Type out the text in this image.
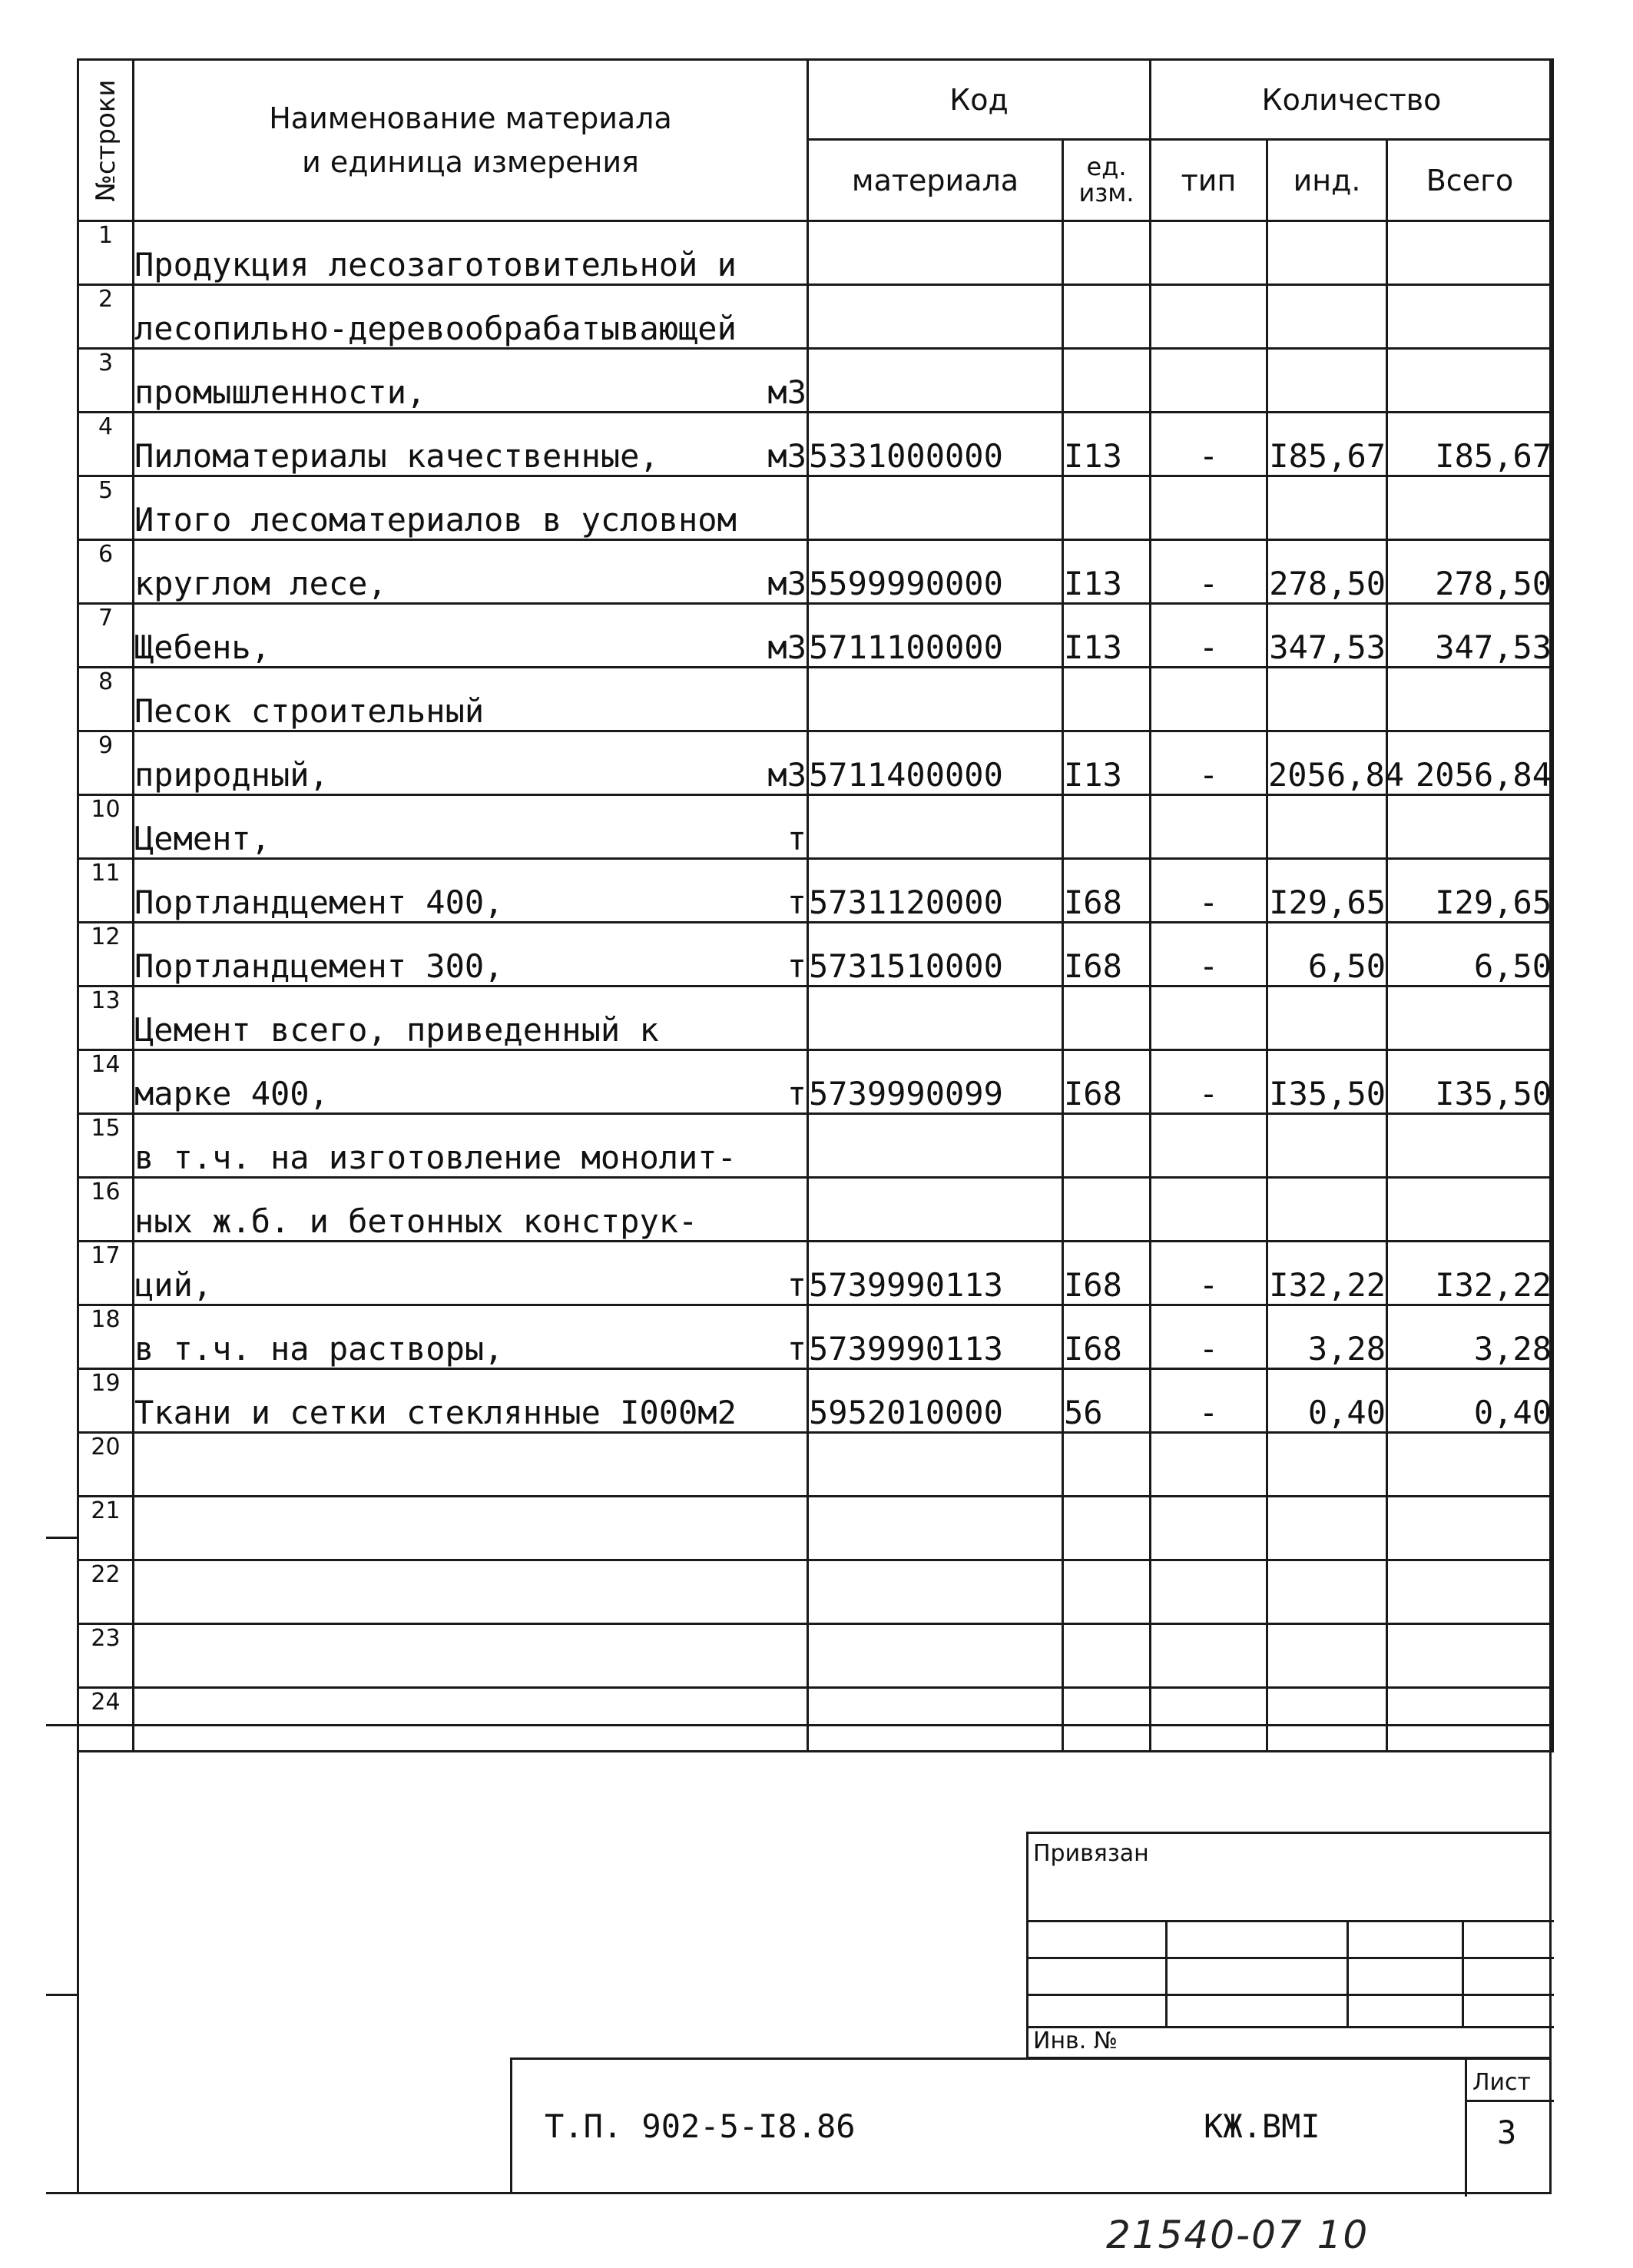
№строки	Наименование материала
и единица измерения	Код		Количество		
		материала	ед. изм.	тип	инд.	Всего
1	Продукция лесозаготовительной и					

2	лесопильно-деревообрабатывающей					

3	промышленности, м3					

4	Пиломатериалы качественные, м3	5331000000	I13	-	I85,67	I85,67
5	Итого лесоматериалов в условном					

6	круглом лесе, м3	5599990000	I13	-	278,50	278,50
7	Щебень, м3	5711100000	I13	-	347,53	347,53
8	Песок строительный					

9	природный, м3	5711400000	I13	-	2056,84	2056,84
10	Цемент, т					

11	Портландцемент 400, т	5731120000	I68	-	I29,65	I29,65
12	Портландцемент 300, т	5731510000	I68	-	6,50	6,50
13	Цемент всего, приведенный к					

14	марке 400, т	5739990099	I68	-	I35,50	I35,50
15	в т.ч. на изготовление монолит-					

16	ных ж.б. и бетонных конструк-					

17	ций, т	5739990113	I68	-	I32,22	I32,22
18	в т.ч. на растворы, т	5739990113	I68	-	3,28	3,28
19	Ткани и сетки стеклянные I000м2	5952010000	56	-	0,40	0,40
20	

21	

22	

23	

24	

Привязан
Инв. №
Т.П. 902-5-I8.86	КЖ.ВМI
Лист
3
21540-07 10
